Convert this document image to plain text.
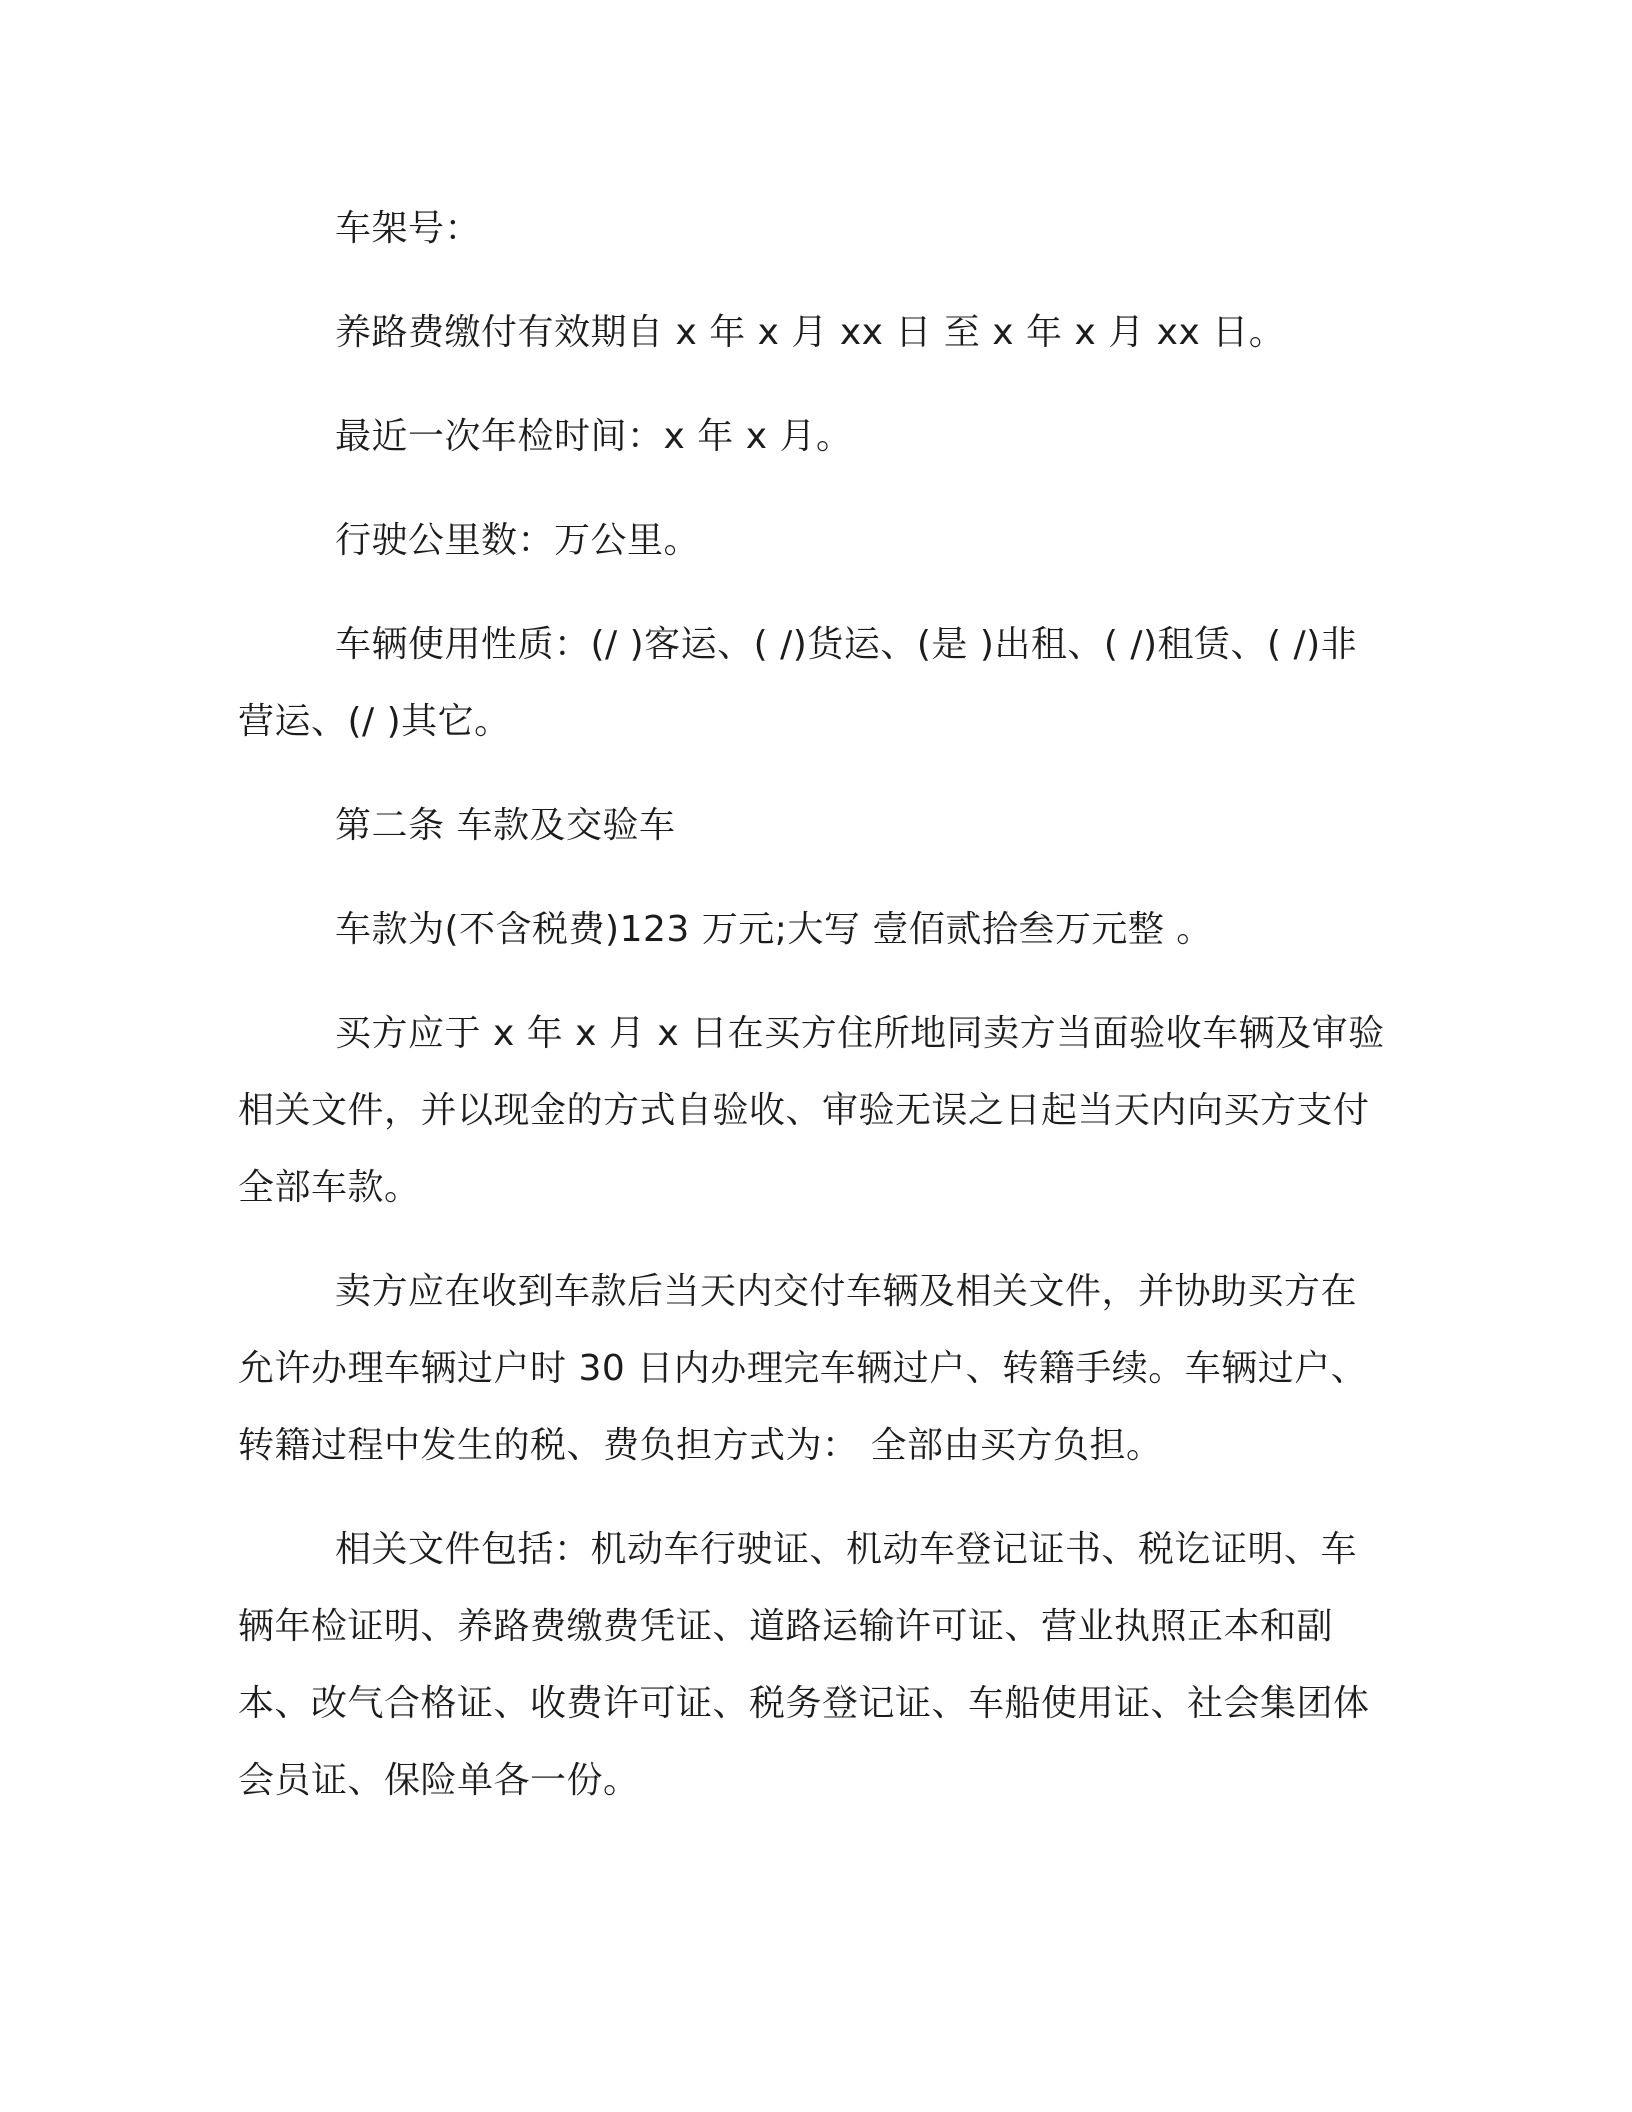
车架号：

养路费缴付有效期自 x 年 x 月 xx 日 至 x 年 x 月 xx 日。

最近一次年检时间：x 年 x 月。

行驶公里数：万公里。

车辆使用性质：(/ )客运、( /)货运、(是 )出租、( /)租赁、( /)非营运、(/ )其它。

第二条 车款及交验车

车款为(不含税费)123 万元;大写 壹佰贰拾叁万元整 。

买方应于 x 年 x 月 x 日在买方住所地同卖方当面验收车辆及审验相关文件，并以现金的方式自验收、审验无误之日起当天内向买方支付全部车款。

卖方应在收到车款后当天内交付车辆及相关文件，并协助买方在允许办理车辆过户时 30 日内办理完车辆过户、转籍手续。车辆过户、转籍过程中发生的税、费负担方式为： 全部由买方负担。

相关文件包括：机动车行驶证、机动车登记证书、税讫证明、车辆年检证明、养路费缴费凭证、道路运输许可证、营业执照正本和副本、改气合格证、收费许可证、税务登记证、车船使用证、社会集团体会员证、保险单各一份。
